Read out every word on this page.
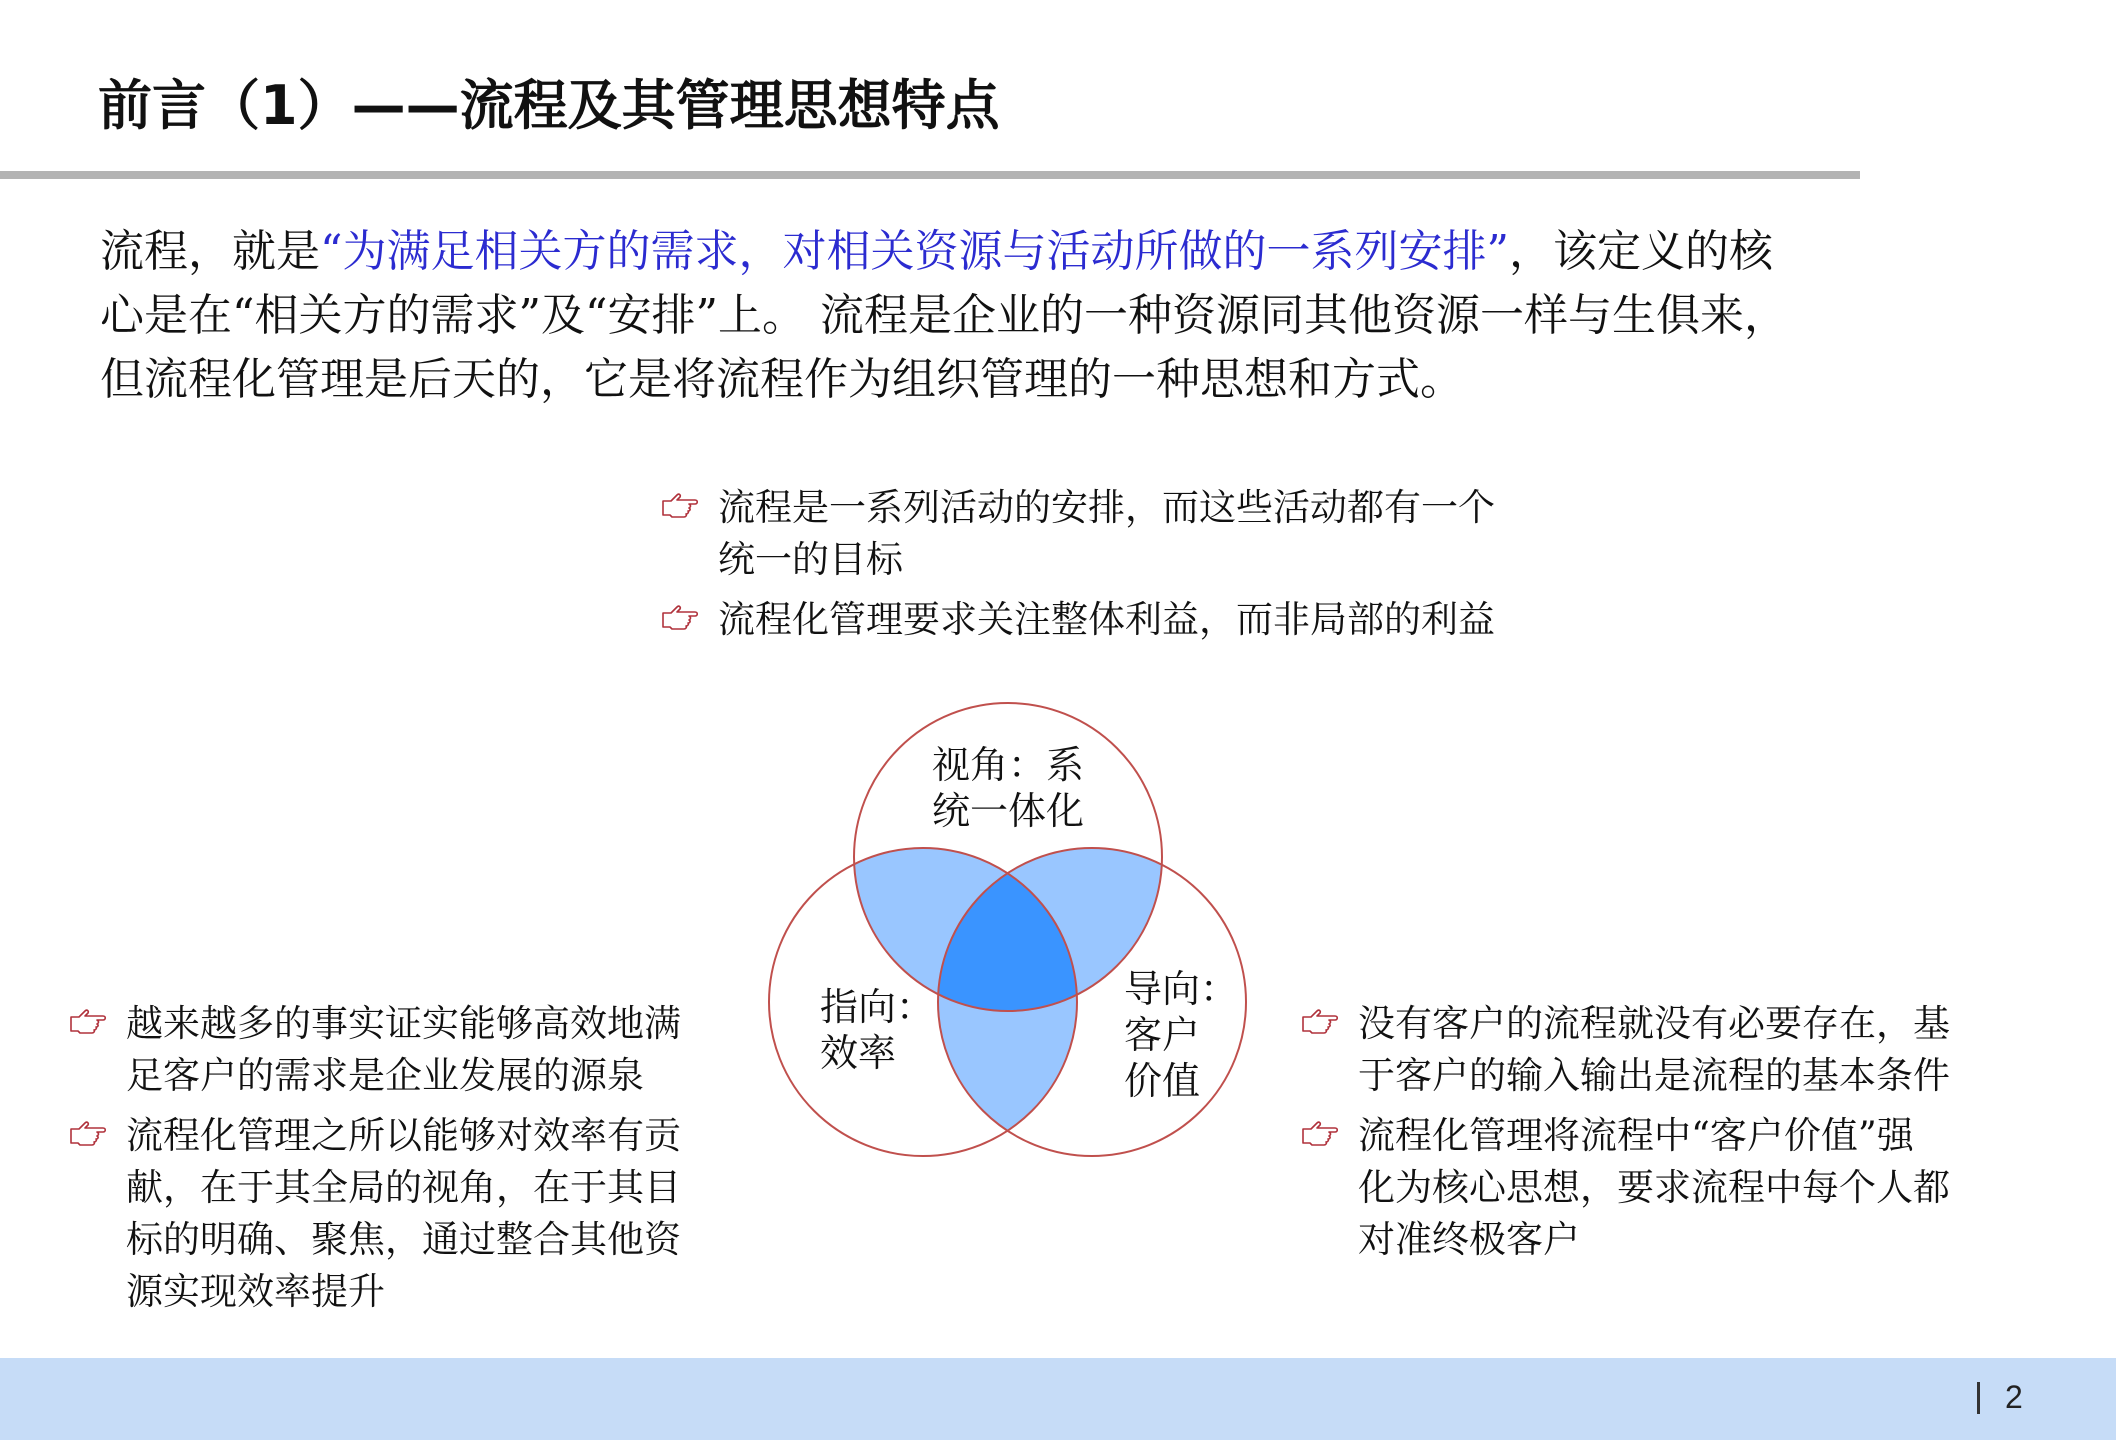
前言（1）——流程及其管理思想特点
流程，就是“为满足相关方的需求，对相关资源与活动所做的一系列安排”，该定义的核
心是在“相关方的需求”及“安排”上。 流程是企业的一种资源同其他资源一样与生俱来，
但流程化管理是后天的，它是将流程作为组织管理的一种思想和方式。
流程是一系列活动的安排，而这些活动都有一个
统一的目标
流程化管理要求关注整体利益，而非局部的利益
视角：系
统一体化
指向：
效率
导向：
客户
价值
越来越多的事实证实能够高效地满
足客户的需求是企业发展的源泉
流程化管理之所以能够对效率有贡
献，在于其全局的视角，在于其目
标的明确、聚焦，通过整合其他资
源实现效率提升
没有客户的流程就没有必要存在，基
于客户的输入输出是流程的基本条件
流程化管理将流程中“客户价值”强
化为核心思想，要求流程中每个人都
对准终极客户
2
